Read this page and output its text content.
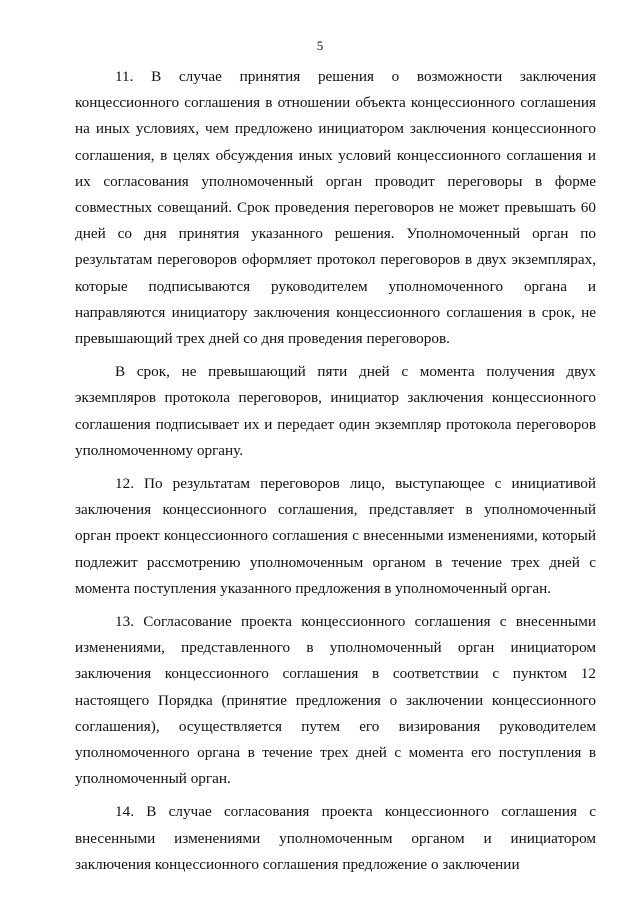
5

11. В случае принятия решения о возможности заключения
концессионного соглашения в отношении объекта концессионного соглашения
на иных условиях, чем предложено инициатором заключения концессионного
соглашения, в целях обсуждения иных условий концессионного соглашения и
их согласования уполномоченный орган проводит переговоры в форме
совместных совещаний. Срок проведения переговоров не может превышать 60
дней со дня принятия указанного решения. Уполномоченный орган по
результатам переговоров оформляет протокол переговоров в двух экземплярах,
которые подписываются руководителем уполномоченного органа и
направляются инициатору заключения концессионного соглашения в срок, не
превышающий трех дней со дня проведения переговоров.

В срок, не превышающий пяти дней с момента получения двух
экземпляров протокола переговоров, инициатор заключения концессионного
соглашения подписывает их и передает один экземпляр протокола переговоров
уполномоченному органу.

12. По результатам переговоров лицо, выступающее с инициативой
заключения концессионного соглашения, представляет в уполномоченный
орган проект концессионного соглашения с внесенными изменениями, который
подлежит рассмотрению уполномоченным органом в течение трех дней с
момента поступления указанного предложения в уполномоченный орган.

13. Согласование проекта концессионного соглашения с внесенными
изменениями, представленного в уполномоченный орган инициатором
заключения концессионного соглашения в соответствии с пунктом 12
настоящего Порядка (принятие предложения о заключении концессионного
соглашения), осуществляется путем его визирования руководителем
уполномоченного органа в течение трех дней с момента его поступления в
уполномоченный орган.

14. В случае согласования проекта концессионного соглашения с
внесенными изменениями уполномоченным органом и инициатором
заключения концессионного соглашения предложение о заключении
